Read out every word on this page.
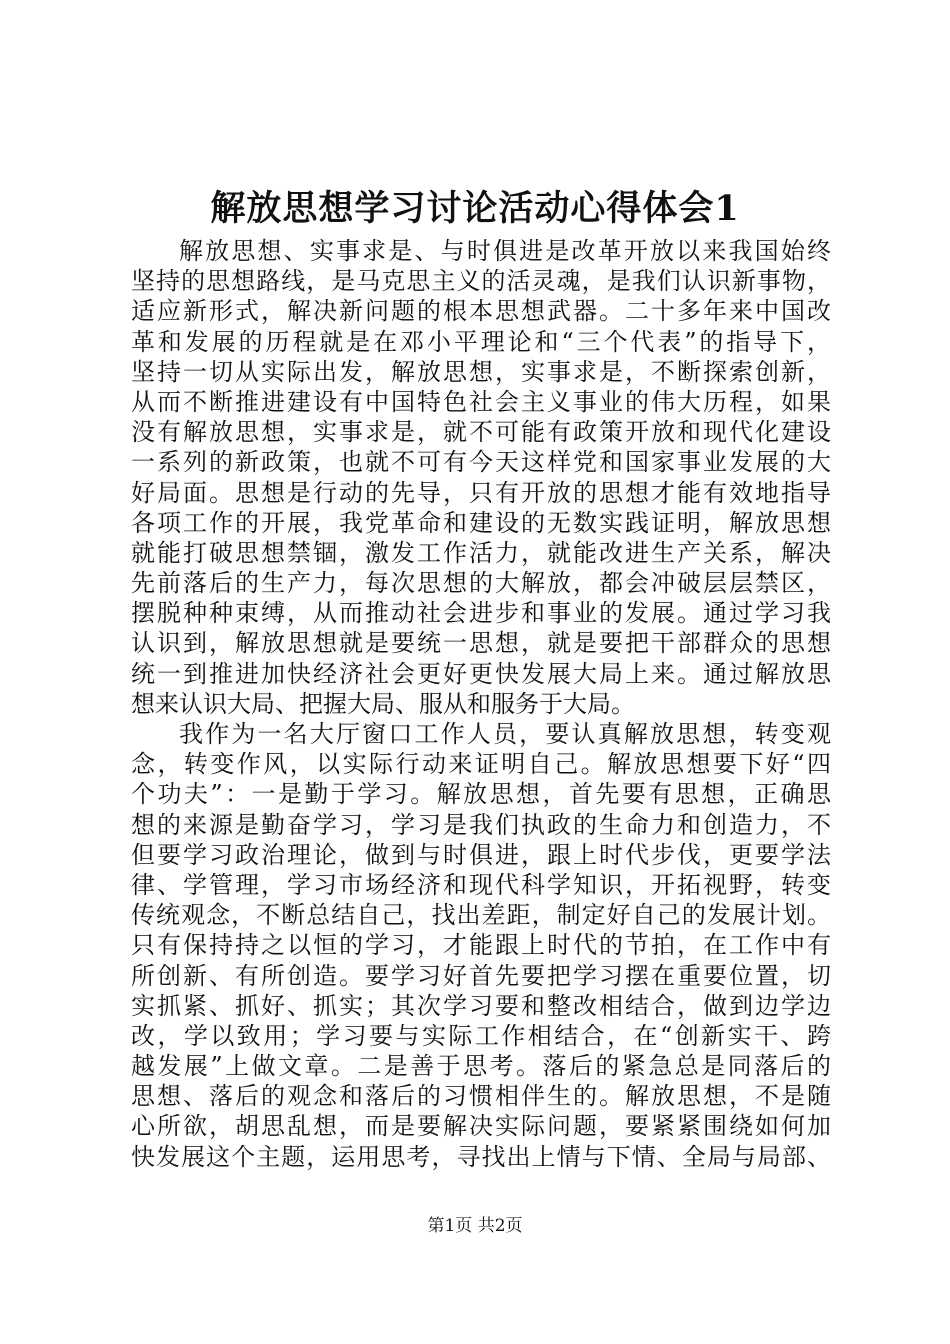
解放思想学习讨论活动心得体会1
解放思想、实事求是、与时俱进是改革开放以来我国始终
坚持的思想路线，是马克思主义的活灵魂，是我们认识新事物，
适应新形式，解决新问题的根本思想武器。二十多年来中国改
革和发展的历程就是在邓小平理论和“三个代表”的指导下，
坚持一切从实际出发，解放思想，实事求是，不断探索创新，
从而不断推进建设有中国特色社会主义事业的伟大历程，如果
没有解放思想，实事求是，就不可能有政策开放和现代化建设
一系列的新政策，也就不可有今天这样党和国家事业发展的大
好局面。思想是行动的先导，只有开放的思想才能有效地指导
各项工作的开展，我党革命和建设的无数实践证明，解放思想
就能打破思想禁锢，激发工作活力，就能改进生产关系，解决
先前落后的生产力，每次思想的大解放，都会冲破层层禁区，
摆脱种种束缚，从而推动社会进步和事业的发展。通过学习我
认识到，解放思想就是要统一思想，就是要把干部群众的思想
统一到推进加快经济社会更好更快发展大局上来。通过解放思
想来认识大局、把握大局、服从和服务于大局。
我作为一名大厅窗口工作人员，要认真解放思想，转变观
念，转变作风，以实际行动来证明自己。解放思想要下好“四
个功夫”：一是勤于学习。解放思想，首先要有思想，正确思
想的来源是勤奋学习，学习是我们执政的生命力和创造力，不
但要学习政治理论，做到与时俱进，跟上时代步伐，更要学法
律、学管理，学习市场经济和现代科学知识，开拓视野，转变
传统观念，不断总结自己，找出差距，制定好自己的发展计划。
只有保持持之以恒的学习，才能跟上时代的节拍，在工作中有
所创新、有所创造。要学习好首先要把学习摆在重要位置，切
实抓紧、抓好、抓实；其次学习要和整改相结合，做到边学边
改，学以致用；学习要与实际工作相结合，在“创新实干、跨
越发展”上做文章。二是善于思考。落后的紧急总是同落后的
思想、落后的观念和落后的习惯相伴生的。解放思想，不是随
心所欲，胡思乱想，而是要解决实际问题，要紧紧围绕如何加
快发展这个主题，运用思考，寻找出上情与下情、全局与局部、
第1页 共2页
